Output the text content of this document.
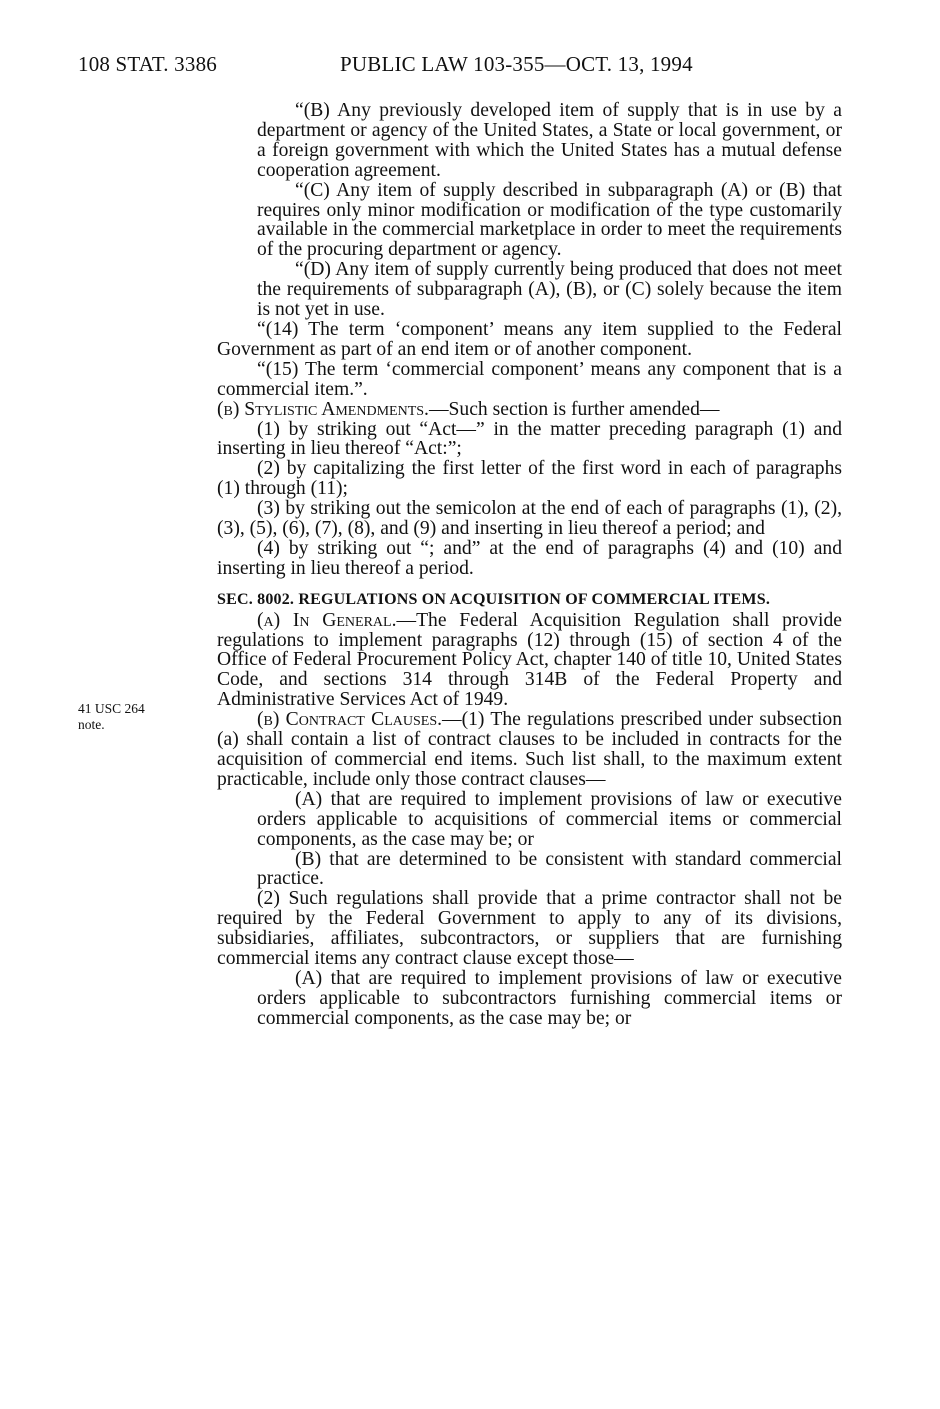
108 STAT. 3386	PUBLIC LAW 103-355—OCT. 13, 1994
41 USC 264
note.

“(B) Any previously developed item of supply that is in use by a department or agency of the United States, a State or local government, or a foreign government with which the United States has a mutual defense cooperation agreement.

“(C) Any item of supply described in subparagraph (A) or (B) that requires only minor modification or modification of the type customarily available in the commercial marketplace in order to meet the requirements of the procuring department or agency.

“(D) Any item of supply currently being produced that does not meet the requirements of subparagraph (A), (B), or (C) solely because the item is not yet in use.

“(14) The term ‘component’ means any item supplied to the Federal Government as part of an end item or of another component.

“(15) The term ‘commercial component’ means any component that is a commercial item.”.

(b) Stylistic Amendments.—Such section is further amended—

(1) by striking out “Act—” in the matter preceding paragraph (1) and inserting in lieu thereof “Act:”;

(2) by capitalizing the first letter of the first word in each of paragraphs (1) through (11);

(3) by striking out the semicolon at the end of each of paragraphs (1), (2), (3), (5), (6), (7), (8), and (9) and inserting in lieu thereof a period; and

(4) by striking out “; and” at the end of paragraphs (4) and (10) and inserting in lieu thereof a period.

SEC. 8002. REGULATIONS ON ACQUISITION OF COMMERCIAL ITEMS.

(a) In General.—The Federal Acquisition Regulation shall provide regulations to implement paragraphs (12) through (15) of section 4 of the Office of Federal Procurement Policy Act, chapter 140 of title 10, United States Code, and sections 314 through 314B of the Federal Property and Administrative Services Act of 1949.

(b) Contract Clauses.—(1) The regulations prescribed under subsection (a) shall contain a list of contract clauses to be included in contracts for the acquisition of commercial end items. Such list shall, to the maximum extent practicable, include only those contract clauses—

(A) that are required to implement provisions of law or executive orders applicable to acquisitions of commercial items or commercial components, as the case may be; or

(B) that are determined to be consistent with standard commercial practice.

(2) Such regulations shall provide that a prime contractor shall not be required by the Federal Government to apply to any of its divisions, subsidiaries, affiliates, subcontractors, or suppliers that are furnishing commercial items any contract clause except those—

(A) that are required to implement provisions of law or executive orders applicable to subcontractors furnishing commercial items or commercial components, as the case may be; or
